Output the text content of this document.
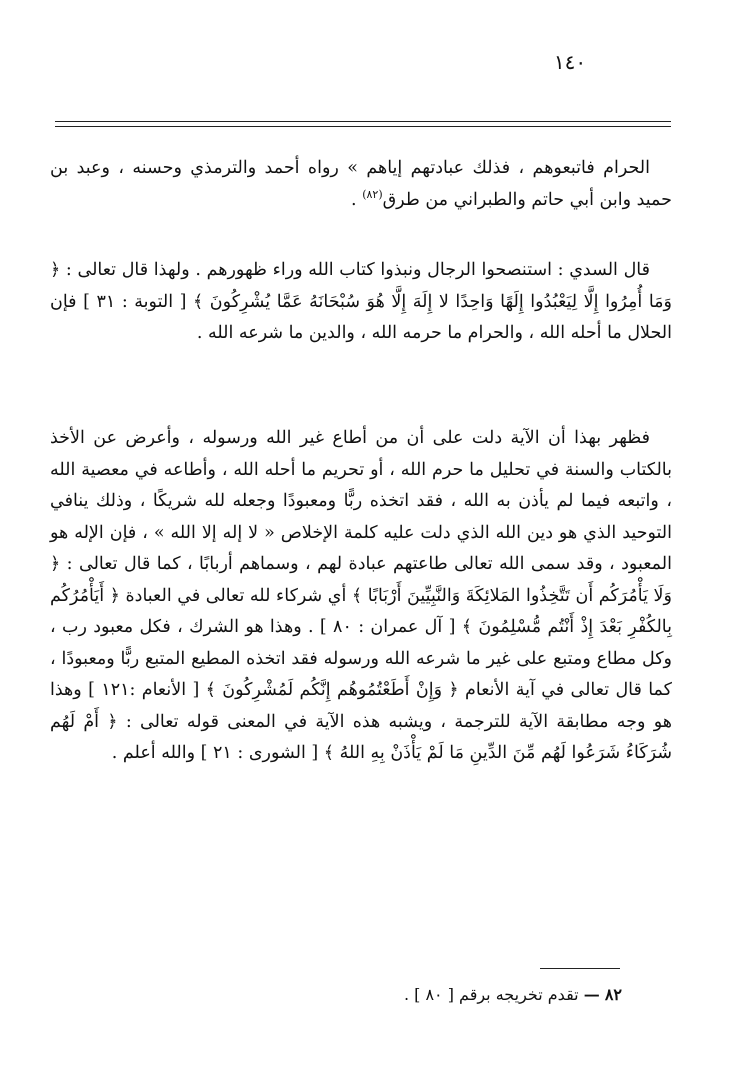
١٤٠

الحرام فاتبعوهم ، فذلك عبادتهم إياهم » رواه أحمد والترمذي وحسنه ، وعبد بن حميد وابن أبي حاتم والطبراني من طرق$^{(٨٢)}$ .

قال السدي : استنصحوا الرجال ونبذوا كتاب الله وراء ظهورهم . ولهذا قال تعالى : ﴿ وَمَا أُمِرُوا إِلَّا لِيَعْبُدُوا إِلَهًا وَاحِدًا لا إِلَهَ إِلَّا هُوَ سُبْحَانَهُ عَمَّا يُشْرِكُونَ ﴾ [ التوبة : ٣١ ] فإن الحلال ما أحله الله ، والحرام ما حرمه الله ، والدين ما شرعه الله .

فظهر بهذا أن الآية دلت على أن من أطاع غير الله ورسوله ، وأعرض عن الأخذ بالكتاب والسنة في تحليل ما حرم الله ، أو تحريم ما أحله الله ، وأطاعه في معصية الله ، واتبعه فيما لم يأذن به الله ، فقد اتخذه ربًّا ومعبودًا وجعله لله شريكًا ، وذلك ينافي التوحيد الذي هو دين الله الذي دلت عليه كلمة الإخلاص « لا إله إلا الله » ، فإن الإله هو المعبود ، وقد سمى الله تعالى طاعتهم عبادة لهم ، وسماهم أربابًا ، كما قال تعالى : ﴿ وَلَا يَأْمُرَكُم أَن تَتَّخِذُوا المَلائِكَةَ وَالنَّبِيِّينَ أَرْبَابًا ﴾ أي شركاء لله تعالى في العبادة ﴿ أَيَأْمُرُكُم بِالكُفْرِ بَعْدَ إِذْ أَنْتُم مُّسْلِمُونَ ﴾ [ آل عمران : ٨٠ ] . وهذا هو الشرك ، فكل معبود رب ، وكل مطاع ومتبع على غير ما شرعه الله ورسوله فقد اتخذه المطيع المتبع ربًّا ومعبودًا ، كما قال تعالى في آية الأنعام ﴿ وَإِنْ أَطَعْتُمُوهُم إِنَّكُم لَمُشْرِكُونَ ﴾ [ الأنعام :١٢١ ] وهذا هو وجه مطابقة الآية للترجمة ، ويشبه هذه الآية في المعنى قوله تعالى : ﴿ أَمْ لَهُم شُرَكَاءُ شَرَعُوا لَهُم مِّنَ الدِّينِ مَا لَمْ يَأْذَنْ بِهِ اللهُ ﴾ [ الشورى : ٢١ ] والله أعلم .

٨٢ — تقدم تخريجه برقم [ ٨٠ ] .
